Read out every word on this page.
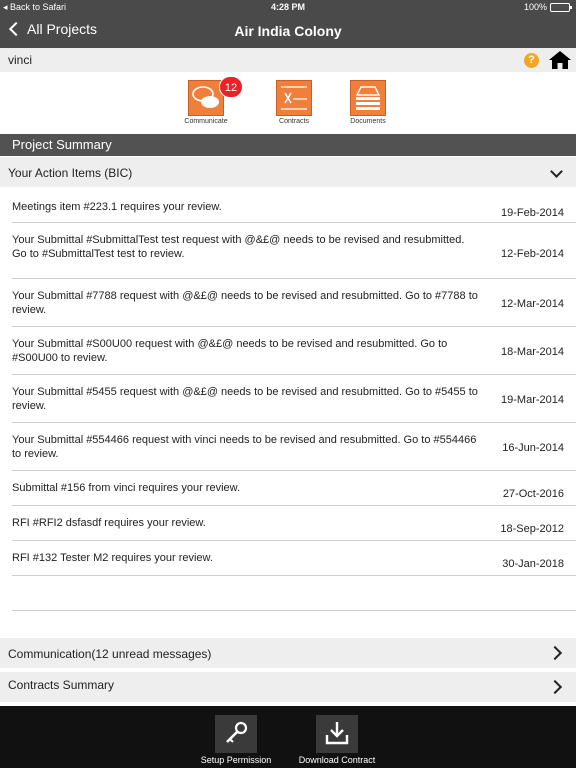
◂ Back to Safari	4:28 PM	100%
All Projects	Air India Colony
vinci	?
Communicate	Contracts	Documents
12
Project Summary
Your Action Items (BIC)
Meetings item #223.1 requires your review.	19-Feb-2014
Your Submittal #SubmittalTest test request with @&£@ needs to be revised and resubmitted. Go to #SubmittalTest test to review.	12-Feb-2014
Your Submittal #7788 request with @&£@ needs to be revised and resubmitted. Go to #7788 to review.	12-Mar-2014
Your Submittal #S00U00 request with @&£@ needs to be revised and resubmitted. Go to #S00U00 to review.	18-Mar-2014
Your Submittal #5455 request with @&£@ needs to be revised and resubmitted. Go to #5455 to review.	19-Mar-2014
Your Submittal #554466 request with vinci needs to be revised and resubmitted. Go to #554466 to review.	16-Jun-2014
Submittal #156 from vinci requires your review.	27-Oct-2016
RFI #RFI2 dsfasdf requires your review.	18-Sep-2012
RFI #132 Tester M2 requires your review.	30-Jan-2018
Communication(12 unread messages)
Contracts Summary
Setup Permission	Download Contract
